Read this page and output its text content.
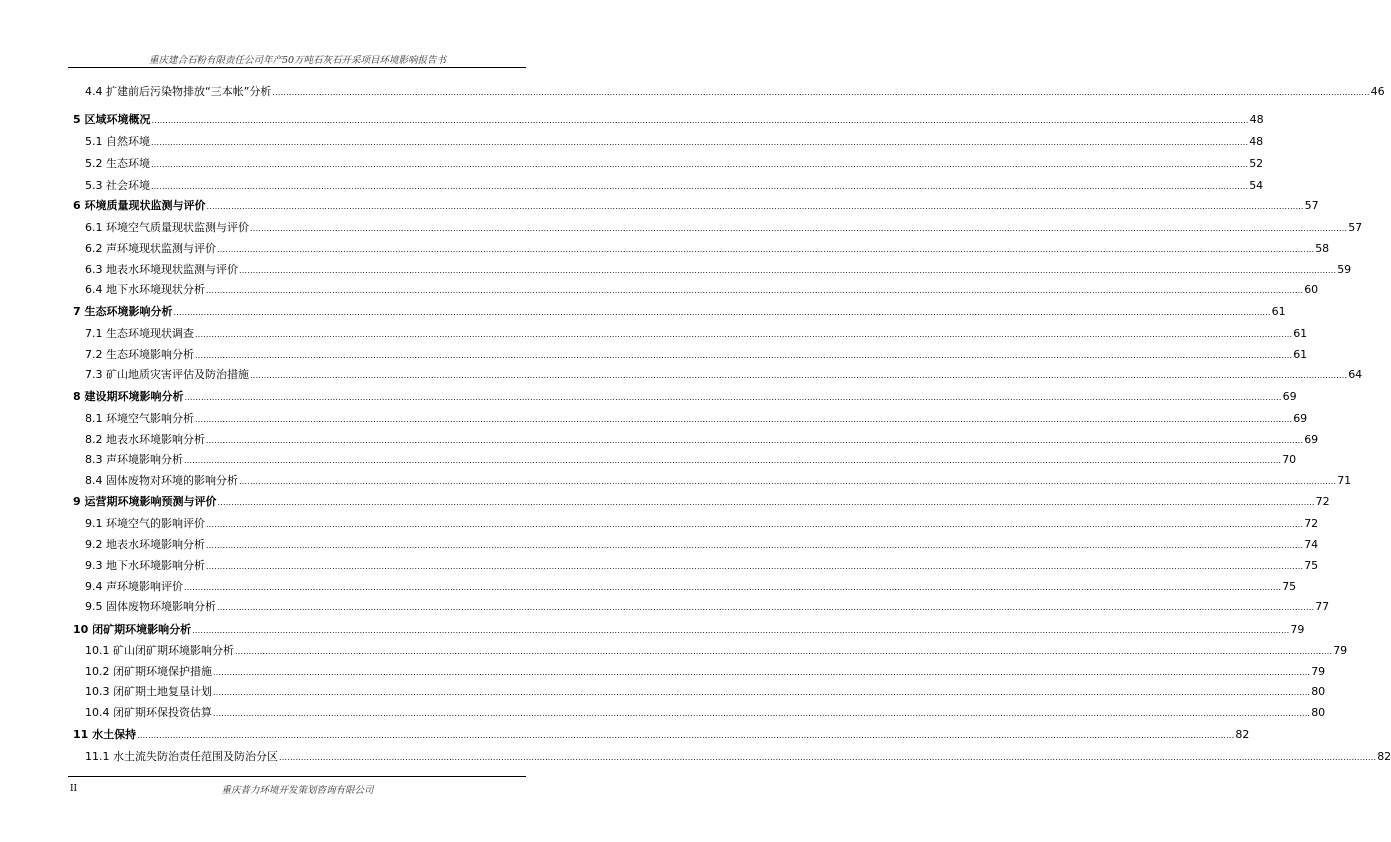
重庆建合石粉有限责任公司年产50万吨石灰石开采项目环境影响报告书
4.4 扩建前后污染物排放“三本帐”分析 ................................................................................................................................................................................................................................................................................................................................................................................................................ 46
5 区域环境概况 ................................................................................................................................................................................................................................................................................................................................................................................................................ 48
5.1 自然环境 ................................................................................................................................................................................................................................................................................................................................................................................................................ 48
5.2 生态环境 ................................................................................................................................................................................................................................................................................................................................................................................................................ 52
5.3 社会环境 ................................................................................................................................................................................................................................................................................................................................................................................................................ 54
6 环境质量现状监测与评价 ................................................................................................................................................................................................................................................................................................................................................................................................................ 57
6.1 环境空气质量现状监测与评价 ................................................................................................................................................................................................................................................................................................................................................................................................................ 57
6.2 声环境现状监测与评价 ................................................................................................................................................................................................................................................................................................................................................................................................................ 58
6.3 地表水环境现状监测与评价 ................................................................................................................................................................................................................................................................................................................................................................................................................ 59
6.4 地下水环境现状分析 ................................................................................................................................................................................................................................................................................................................................................................................................................ 60
7 生态环境影响分析 ................................................................................................................................................................................................................................................................................................................................................................................................................ 61
7.1 生态环境现状调查 ................................................................................................................................................................................................................................................................................................................................................................................................................ 61
7.2 生态环境影响分析 ................................................................................................................................................................................................................................................................................................................................................................................................................ 61
7.3 矿山地质灾害评估及防治措施 ................................................................................................................................................................................................................................................................................................................................................................................................................ 64
8 建设期环境影响分析 ................................................................................................................................................................................................................................................................................................................................................................................................................ 69
8.1 环境空气影响分析 ................................................................................................................................................................................................................................................................................................................................................................................................................ 69
8.2 地表水环境影响分析 ................................................................................................................................................................................................................................................................................................................................................................................................................ 69
8.3 声环境影响分析 ................................................................................................................................................................................................................................................................................................................................................................................................................ 70
8.4 固体废物对环境的影响分析 ................................................................................................................................................................................................................................................................................................................................................................................................................ 71
9 运营期环境影响预测与评价 ................................................................................................................................................................................................................................................................................................................................................................................................................ 72
9.1 环境空气的影响评价 ................................................................................................................................................................................................................................................................................................................................................................................................................ 72
9.2 地表水环境影响分析 ................................................................................................................................................................................................................................................................................................................................................................................................................ 74
9.3 地下水环境影响分析 ................................................................................................................................................................................................................................................................................................................................................................................................................ 75
9.4 声环境影响评价 ................................................................................................................................................................................................................................................................................................................................................................................................................ 75
9.5 固体废物环境影响分析 ................................................................................................................................................................................................................................................................................................................................................................................................................ 77
10 闭矿期环境影响分析 ................................................................................................................................................................................................................................................................................................................................................................................................................ 79
10.1 矿山闭矿期环境影响分析 ................................................................................................................................................................................................................................................................................................................................................................................................................ 79
10.2 闭矿期环境保护措施 ................................................................................................................................................................................................................................................................................................................................................................................................................ 79
10.3 闭矿期土地复垦计划 ................................................................................................................................................................................................................................................................................................................................................................................................................ 80
10.4 闭矿期环保投资估算 ................................................................................................................................................................................................................................................................................................................................................................................................................ 80
11 水土保持 ................................................................................................................................................................................................................................................................................................................................................................................................................ 82
11.1 水土流失防治责任范围及防治分区 ................................................................................................................................................................................................................................................................................................................................................................................................................ 82
II	重庆普力环境开发策划咨询有限公司
